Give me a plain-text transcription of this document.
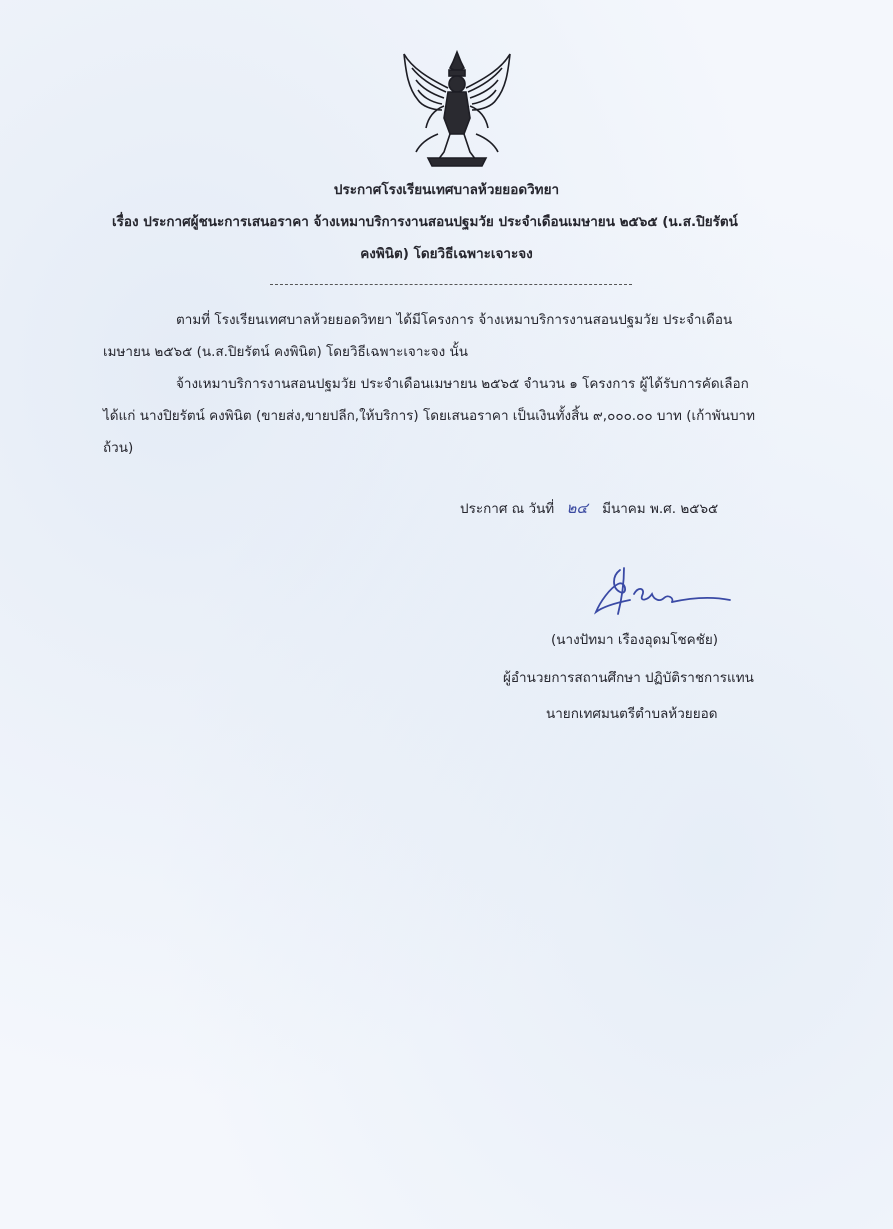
ประกาศโรงเรียนเทศบาลห้วยยอดวิทยา
เรื่อง ประกาศผู้ชนะการเสนอราคา จ้างเหมาบริการงานสอนปฐมวัย ประจำเดือนเมษายน ๒๕๖๕ (น.ส.ปิยรัตน์
คงพินิต) โดยวิธีเฉพาะเจาะจง
ตามที่ โรงเรียนเทศบาลห้วยยอดวิทยา ได้มีโครงการ จ้างเหมาบริการงานสอนปฐมวัย ประจำเดือน
เมษายน ๒๕๖๕ (น.ส.ปิยรัตน์ คงพินิต) โดยวิธีเฉพาะเจาะจง นั้น
จ้างเหมาบริการงานสอนปฐมวัย ประจำเดือนเมษายน ๒๕๖๕ จำนวน ๑ โครงการ ผู้ได้รับการคัดเลือก
ได้แก่ นางปิยรัตน์ คงพินิต (ขายส่ง,ขายปลีก,ให้บริการ) โดยเสนอราคา เป็นเงินทั้งสิ้น ๙,๐๐๐.๐๐ บาท (เก้าพันบาท
ถ้วน)
ประกาศ ณ วันที่ ๒๔ มีนาคม พ.ศ. ๒๕๖๕
(นางปัทมา เรืองอุดมโชคชัย)
ผู้อำนวยการสถานศึกษา ปฏิบัติราชการแทน
นายกเทศมนตรีตำบลห้วยยอด
